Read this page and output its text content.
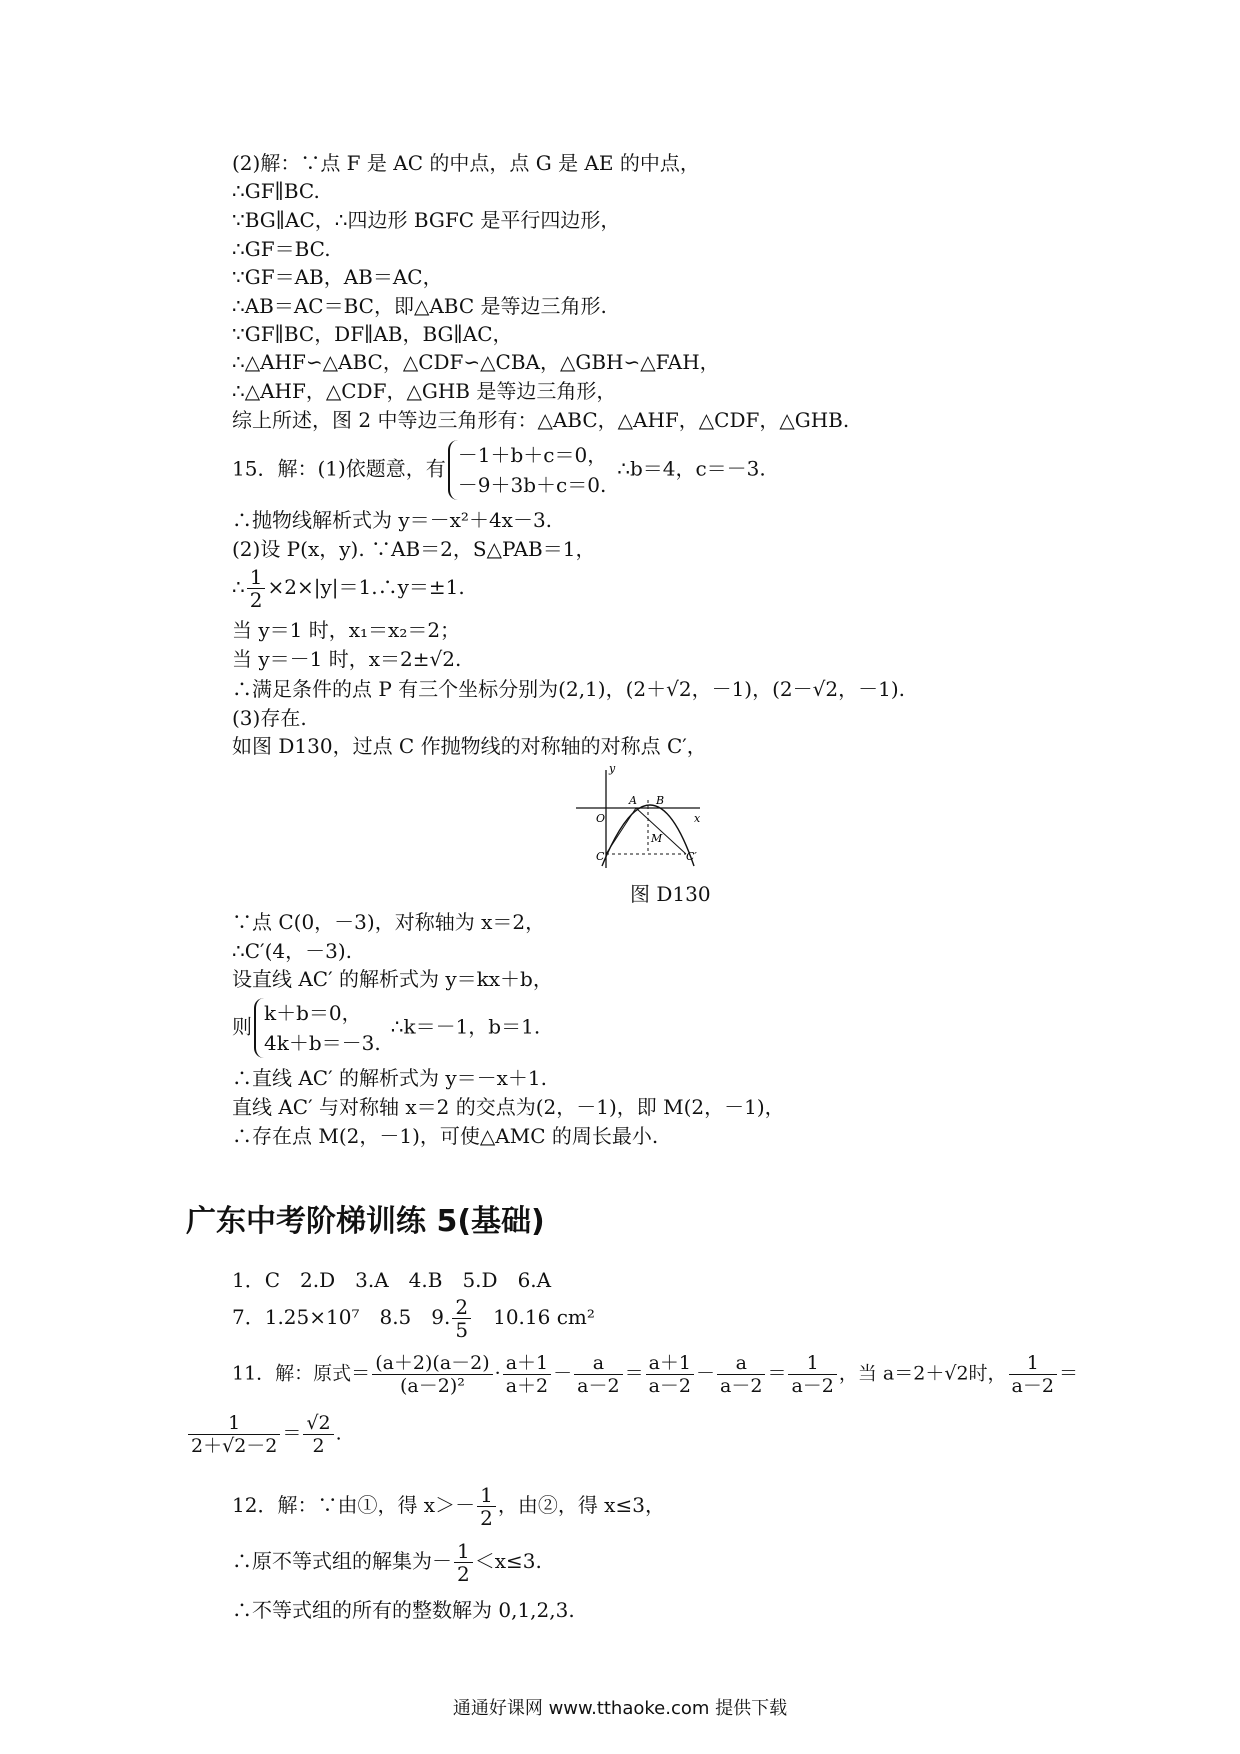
(2)解：∵点 F 是 AC 的中点，点 G 是 AE 的中点，
∴GF∥BC.
∵BG∥AC，∴四边形 BGFC 是平行四边形，
∴GF＝BC.
∵GF＝AB，AB＝AC，
∴AB＝AC＝BC，即△ABC 是等边三角形.
∵GF∥BC，DF∥AB，BG∥AC，
∴△AHF∽△ABC，△CDF∽△CBA，△GBH∽△FAH，
∴△AHF，△CDF，△GHB 是等边三角形，
综上所述，图 2 中等边三角形有：△ABC，△AHF，△CDF，△GHB.
15．解：(1)依题意，有
－1＋b＋c＝0，
－9＋3b＋c＝0.
∴b＝4，c＝－3.
∴抛物线解析式为 y＝－x²＋4x－3.
(2)设 P(x，y). ∵AB＝2，S△PAB＝1，
∴ $\frac{1}{2}$ ×2×|y|＝1.∴y＝±1.
当 y＝1 时，x₁＝x₂＝2；
当 y＝－1 时，x＝2±√2.
∴满足条件的点 P 有三个坐标分别为(2,1)，(2＋√2，－1)，(2－√2，－1).
(3)存在.
如图 D130，过点 C 作抛物线的对称轴的对称点 C′，
y
x
O
A B
C
M
C′
图 D130
∵点 C(0，－3)，对称轴为 x＝2，
∴C′(4，－3).
设直线 AC′ 的解析式为 y＝kx＋b，
则
k＋b＝0，
4k＋b＝－3.
∴k＝－1，b＝1.
∴直线 AC′ 的解析式为 y＝－x＋1.
直线 AC′ 与对称轴 x＝2 的交点为(2，－1)，即 M(2，－1)，
∴存在点 M(2，－1)，可使△AMC 的周长最小.
广东中考阶梯训练 5(基础)
1．C　2.D　3.A　4.B　5.D　6.A
7．1.25×10⁷　8.5　9. $\frac{2}{5}$ 　10.16 cm²
11．解：原式＝ $\frac{(a+2)(a-2)}{\text{(a－2)²}} \cdot \frac{a+1}{a+2} - \frac{a}{a-2} = \frac{a+1}{a-2} - \frac{a}{a-2} = \frac{1}{a-2}$ ，当 a＝2＋√2时， $\frac{1}{a-2}$ ＝
$\frac{1}{2+√2-2} = \frac{√2}{2}$ .
12．解：∵由①，得 $x>- \frac{1}{2}$ ，由②，得 x≤3，
∴原不等式组的解集为－ $\frac{1}{2} <x\le 3$.
∴不等式组的所有的整数解为 0,1,2,3.
通通好课网 www.tthaoke.com 提供下载
